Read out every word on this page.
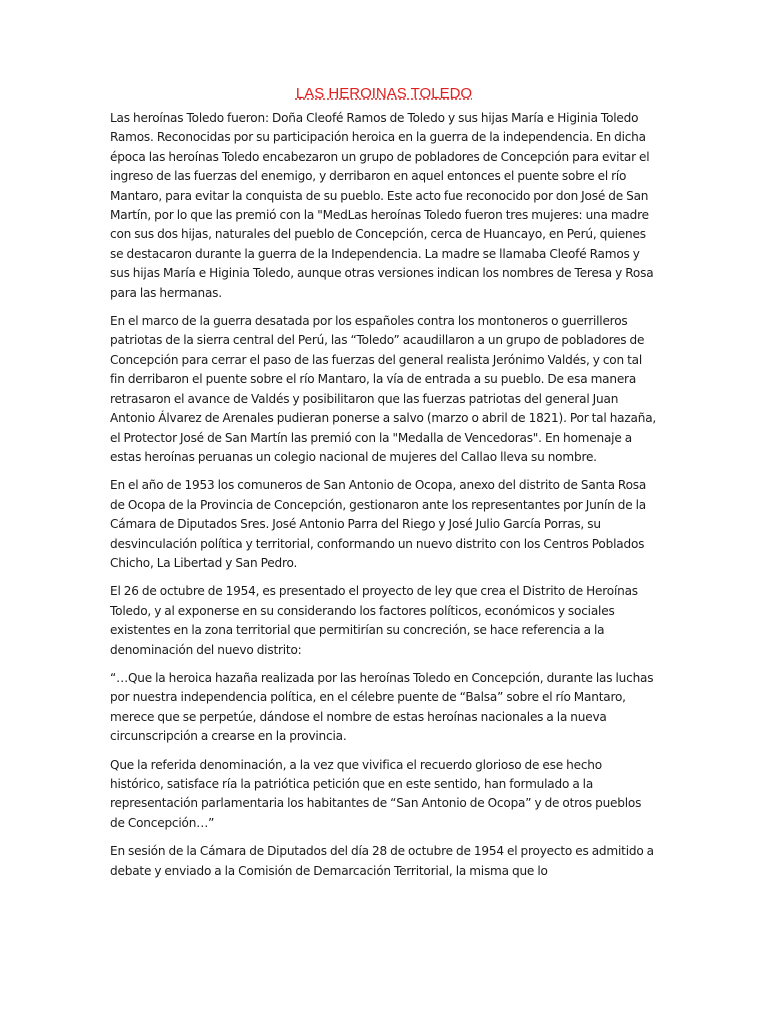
LAS HEROINAS TOLEDO

Las heroínas Toledo fueron: Doña Cleofé Ramos de Toledo y sus hijas María e Higinia Toledo Ramos. Reconocidas por su participación heroica en la guerra de la independencia. En dicha época las heroínas Toledo encabezaron un grupo de pobladores de Concepción para evitar el ingreso de las fuerzas del enemigo, y derribaron en aquel entonces el puente sobre el río Mantaro, para evitar la conquista de su pueblo. Este acto fue reconocido por don José de San Martín, por lo que las premió con la "MedLas heroínas Toledo fueron tres mujeres: una madre con sus dos hijas, naturales del pueblo de Concepción, cerca de Huancayo, en Perú, quienes se destacaron durante la guerra de la Independencia. La madre se llamaba Cleofé Ramos y sus hijas María e Higinia Toledo, aunque otras versiones indican los nombres de Teresa y Rosa para las hermanas.

En el marco de la guerra desatada por los españoles contra los montoneros o guerrilleros patriotas de la sierra central del Perú, las “Toledo” acaudillaron a un grupo de pobladores de Concepción para cerrar el paso de las fuerzas del general realista Jerónimo Valdés, y con tal fin derribaron el puente sobre el río Mantaro, la vía de entrada a su pueblo. De esa manera retrasaron el avance de Valdés y posibilitaron que las fuerzas patriotas del general Juan Antonio Álvarez de Arenales pudieran ponerse a salvo (marzo o abril de 1821). Por tal hazaña, el Protector José de San Martín las premió con la "Medalla de Vencedoras". En homenaje a estas heroínas peruanas un colegio nacional de mujeres del Callao lleva su nombre.

En el año de 1953 los comuneros de San Antonio de Ocopa, anexo del distrito de Santa Rosa de Ocopa de la Provincia de Concepción, gestionaron ante los representantes por Junín de la Cámara de Diputados Sres. José Antonio Parra del Riego y José Julio García Porras, su desvinculación política y territorial, conformando un nuevo distrito con los Centros Poblados Chicho, La Libertad y San Pedro.

El 26 de octubre de 1954, es presentado el proyecto de ley que crea el Distrito de Heroínas Toledo, y al exponerse en su considerando los factores políticos, económicos y sociales existentes en la zona territorial que permitirían su concreción, se hace referencia a la denominación del nuevo distrito:

“…Que la heroica hazaña realizada por las heroínas Toledo en Concepción, durante las luchas por nuestra independencia política, en el célebre puente de “Balsa” sobre el río Mantaro, merece que se perpetúe, dándose el nombre de estas heroínas nacionales a la nueva circunscripción a crearse en la provincia.

Que la referida denominación, a la vez que vivifica el recuerdo glorioso de ese hecho histórico, satisface ría la patriótica petición que en este sentido, han formulado a la representación parlamentaria los habitantes de “San Antonio de Ocopa” y de otros pueblos de Concepción…”

En sesión de la Cámara de Diputados del día 28 de octubre de 1954 el proyecto es admitido a debate y enviado a la Comisión de Demarcación Territorial, la misma que lo
